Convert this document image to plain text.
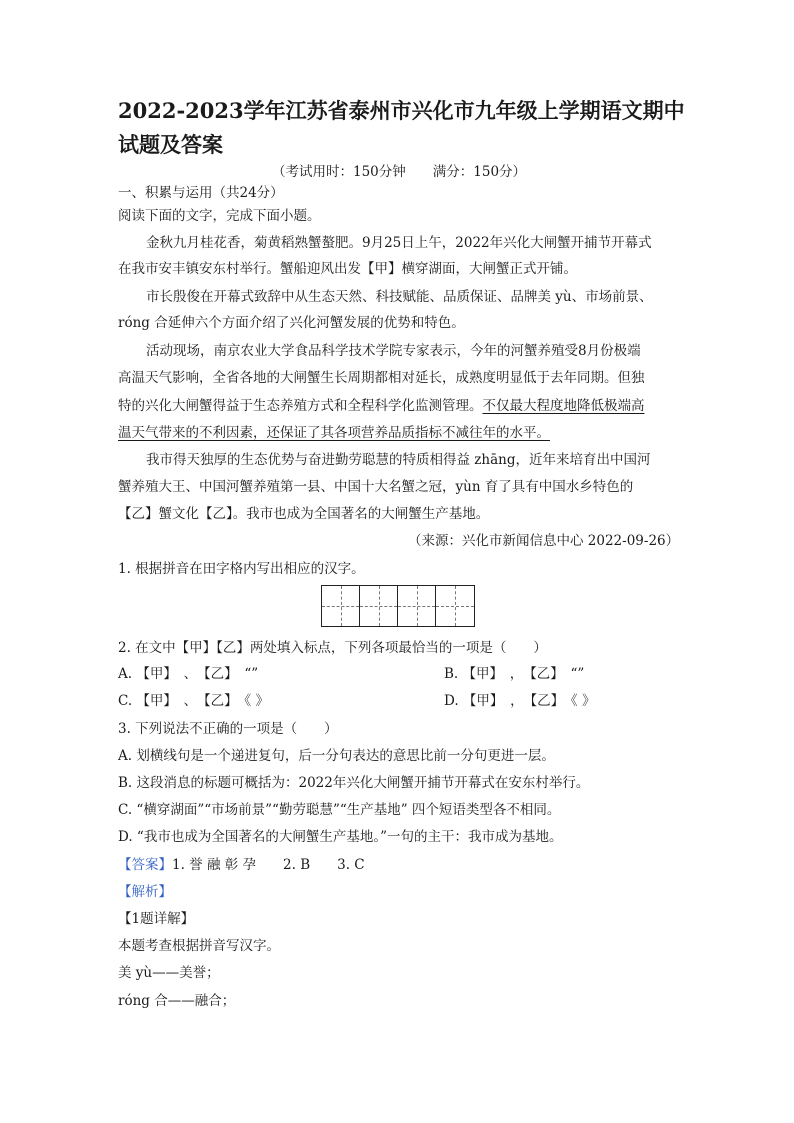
2022-2023学年江苏省泰州市兴化市九年级上学期语文期中
试题及答案
（考试用时：150分钟　　满分：150分）
一、积累与运用（共24分）
阅读下面的文字，完成下面小题。
金秋九月桂花香，菊黄稻熟蟹螯肥。9月25日上午，2022年兴化大闸蟹开捕节开幕式
在我市安丰镇安东村举行。蟹船迎风出发【甲】横穿湖面，大闸蟹正式开铺。
市长殷俊在开幕式致辞中从生态天然、科技赋能、品质保证、品牌美 yù、市场前景、
róng 合延伸六个方面介绍了兴化河蟹发展的优势和特色。
活动现场，南京农业大学食品科学技术学院专家表示，今年的河蟹养殖受8月份极端
高温天气影响，全省各地的大闸蟹生长周期都相对延长，成熟度明显低于去年同期。但独
特的兴化大闸蟹得益于生态养殖方式和全程科学化监测管理。不仅最大程度地降低极端高
温天气带来的不利因素，还保证了其各项营养品质指标不减往年的水平。
我市得天独厚的生态优势与奋进勤劳聪慧的特质相得益 zhāng，近年来培育出中国河
蟹养殖大王、中国河蟹养殖第一县、中国十大名蟹之冠，yùn 育了具有中国水乡特色的
【乙】蟹文化【乙】。我市也成为全国著名的大闸蟹生产基地。
（来源：兴化市新闻信息中心 2022-09-26）
1. 根据拼音在田字格内写出相应的汉字。
2. 在文中【甲】【乙】两处填入标点，下列各项最恰当的一项是（　　）
A. 【甲】　、　【乙】　“”	B. 【甲】　，　【乙】　“”
C. 【甲】　、　【乙】　《 》	D. 【甲】　，　【乙】　《 》
3. 下列说法不正确的一项是（　　）
A. 划横线句是一个递进复句，后一分句表达的意思比前一分句更进一层。
B. 这段消息的标题可概括为：2022年兴化大闸蟹开捕节开幕式在安东村举行。
C. “横穿湖面”“市场前景”“勤劳聪慧”“生产基地” 四个短语类型各不相同。
D. “我市也成为全国著名的大闸蟹生产基地。”一句的主干：我市成为基地。
【答案】1. 誉 融 彰 孕　　2. B　　3. C
【解析】
【1题详解】
本题考查根据拼音写汉字。
美 yù——美誉；
róng 合——融合；
